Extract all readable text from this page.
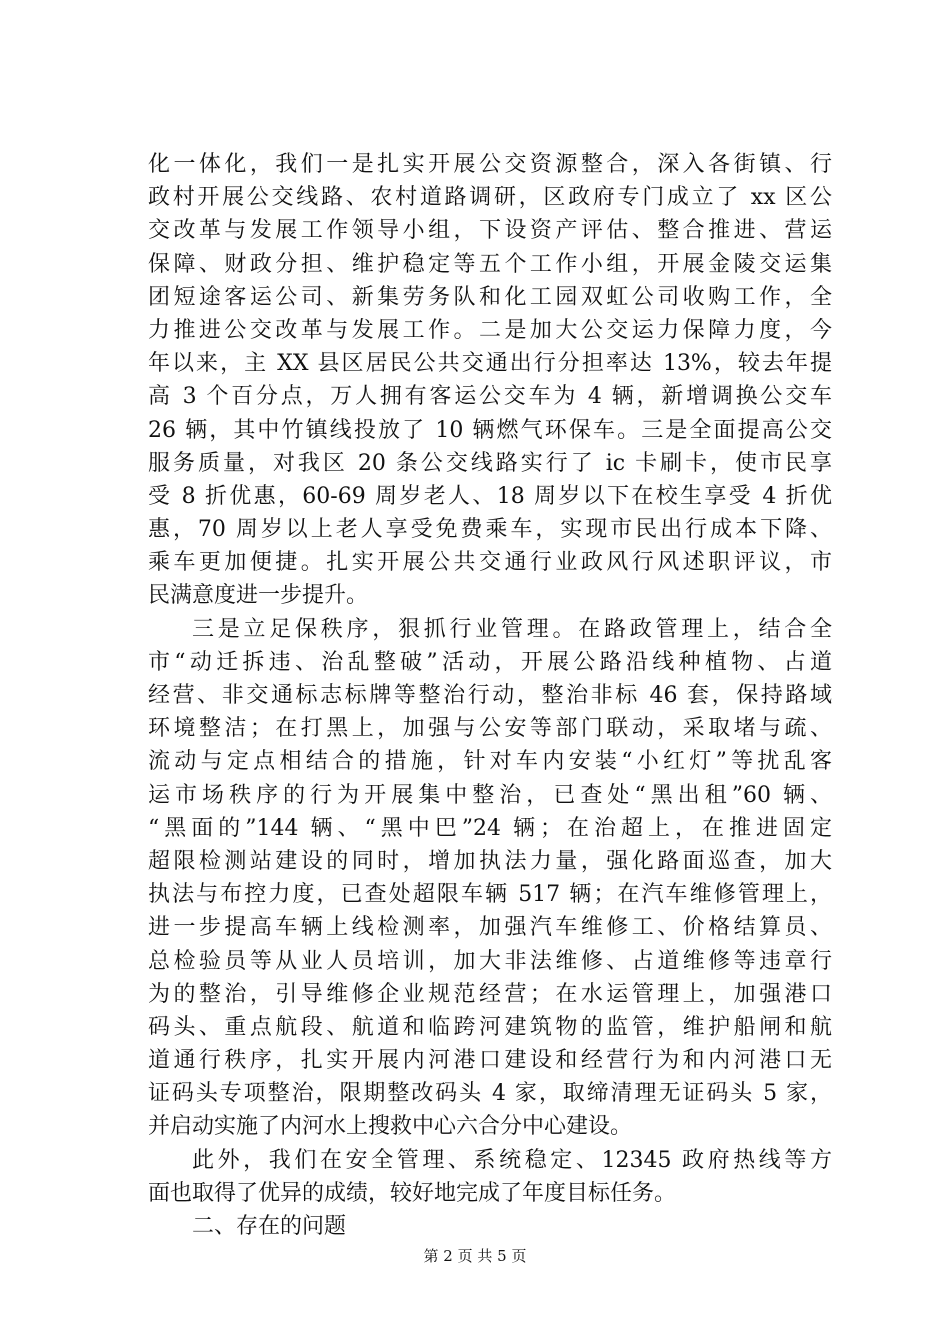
化一体化，我们一是扎实开展公交资源整合，深入各街镇、行
政村开展公交线路、农村道路调研，区政府专门成立了 xx 区公
交改革与发展工作领导小组，下设资产评估、整合推进、营运
保障、财政分担、维护稳定等五个工作小组，开展金陵交运集
团短途客运公司、新集劳务队和化工园双虹公司收购工作，全
力推进公交改革与发展工作。二是加大公交运力保障力度，今
年以来，主 XX 县区居民公共交通出行分担率达 13%，较去年提
高 3 个百分点，万人拥有客运公交车为 4 辆，新增调换公交车
26 辆，其中竹镇线投放了 10 辆燃气环保车。三是全面提高公交
服务质量，对我区 20 条公交线路实行了 ic 卡刷卡，使市民享
受 8 折优惠，60-69 周岁老人、18 周岁以下在校生享受 4 折优
惠，70 周岁以上老人享受免费乘车，实现市民出行成本下降、
乘车更加便捷。扎实开展公共交通行业政风行风述职评议，市
民满意度进一步提升。
三是立足保秩序，狠抓行业管理。在路政管理上，结合全
市“动迁拆违、治乱整破”活动，开展公路沿线种植物、占道
经营、非交通标志标牌等整治行动，整治非标 46 套，保持路域
环境整洁；在打黑上，加强与公安等部门联动，采取堵与疏、
流动与定点相结合的措施，针对车内安装“小红灯”等扰乱客
运市场秩序的行为开展集中整治，已查处“黑出租”60 辆、
“黑面的”144 辆、“黑中巴”24 辆；在治超上，在推进固定
超限检测站建设的同时，增加执法力量，强化路面巡查，加大
执法与布控力度，已查处超限车辆 517 辆；在汽车维修管理上，
进一步提高车辆上线检测率，加强汽车维修工、价格结算员、
总检验员等从业人员培训，加大非法维修、占道维修等违章行
为的整治，引导维修企业规范经营；在水运管理上，加强港口
码头、重点航段、航道和临跨河建筑物的监管，维护船闸和航
道通行秩序，扎实开展内河港口建设和经营行为和内河港口无
证码头专项整治，限期整改码头 4 家，取缔清理无证码头 5 家，
并启动实施了内河水上搜救中心六合分中心建设。
此外，我们在安全管理、系统稳定、12345 政府热线等方
面也取得了优异的成绩，较好地完成了年度目标任务。
二、存在的问题
第 2 页 共 5 页
